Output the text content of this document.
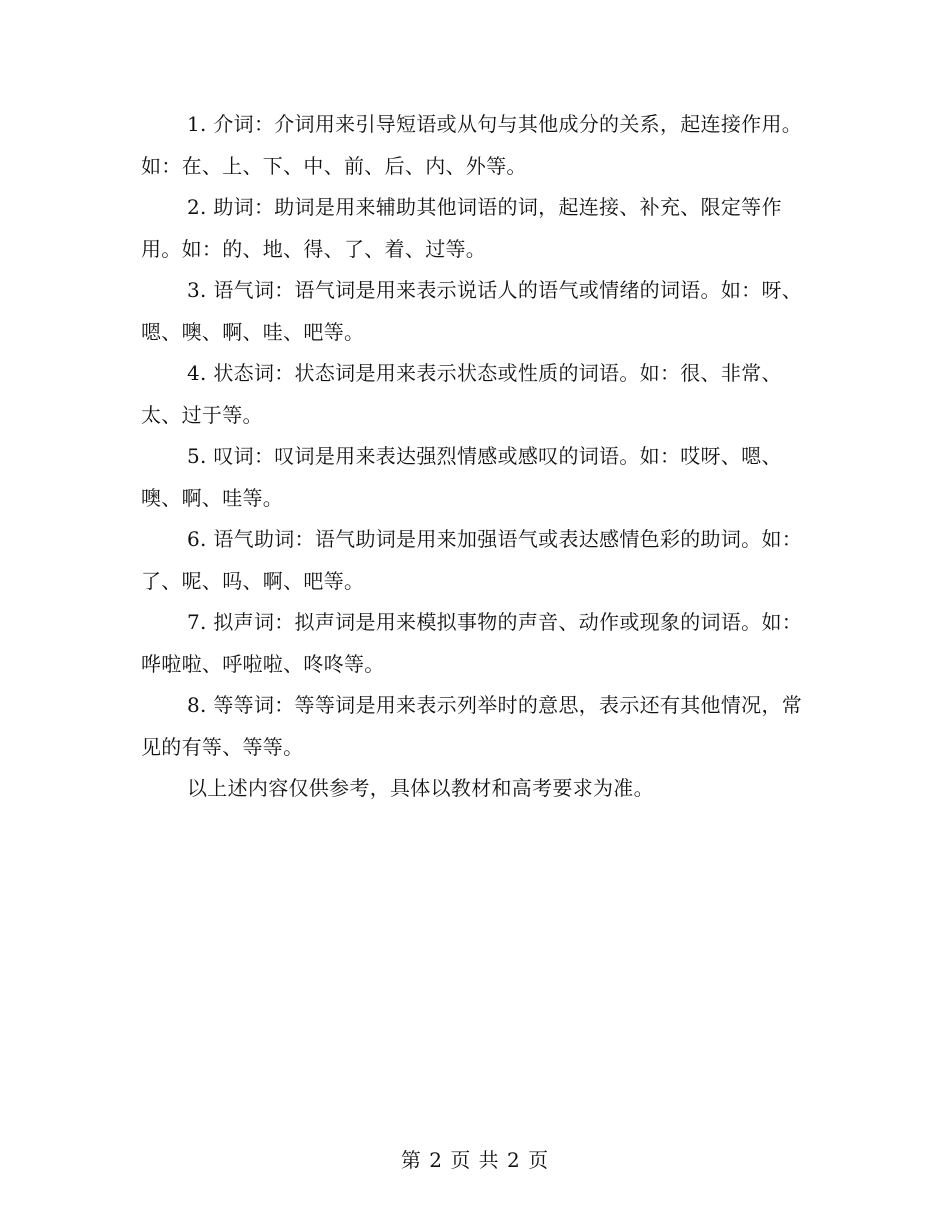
1. 介词：介词用来引导短语或从句与其他成分的关系，起连接作用。如：在、上、下、中、前、后、内、外等。

2. 助词：助词是用来辅助其他词语的词，起连接、补充、限定等作用。如：的、地、得、了、着、过等。

3. 语气词：语气词是用来表示说话人的语气或情绪的词语。如：呀、嗯、噢、啊、哇、吧等。

4. 状态词：状态词是用来表示状态或性质的词语。如：很、非常、太、过于等。

5. 叹词：叹词是用来表达强烈情感或感叹的词语。如：哎呀、嗯、噢、啊、哇等。

6. 语气助词：语气助词是用来加强语气或表达感情色彩的助词。如：了、呢、吗、啊、吧等。

7. 拟声词：拟声词是用来模拟事物的声音、动作或现象的词语。如：哗啦啦、呼啦啦、咚咚等。

8. 等等词：等等词是用来表示列举时的意思，表示还有其他情况，常见的有等、等等。

以上述内容仅供参考，具体以教材和高考要求为准。

第 2 页 共 2 页
